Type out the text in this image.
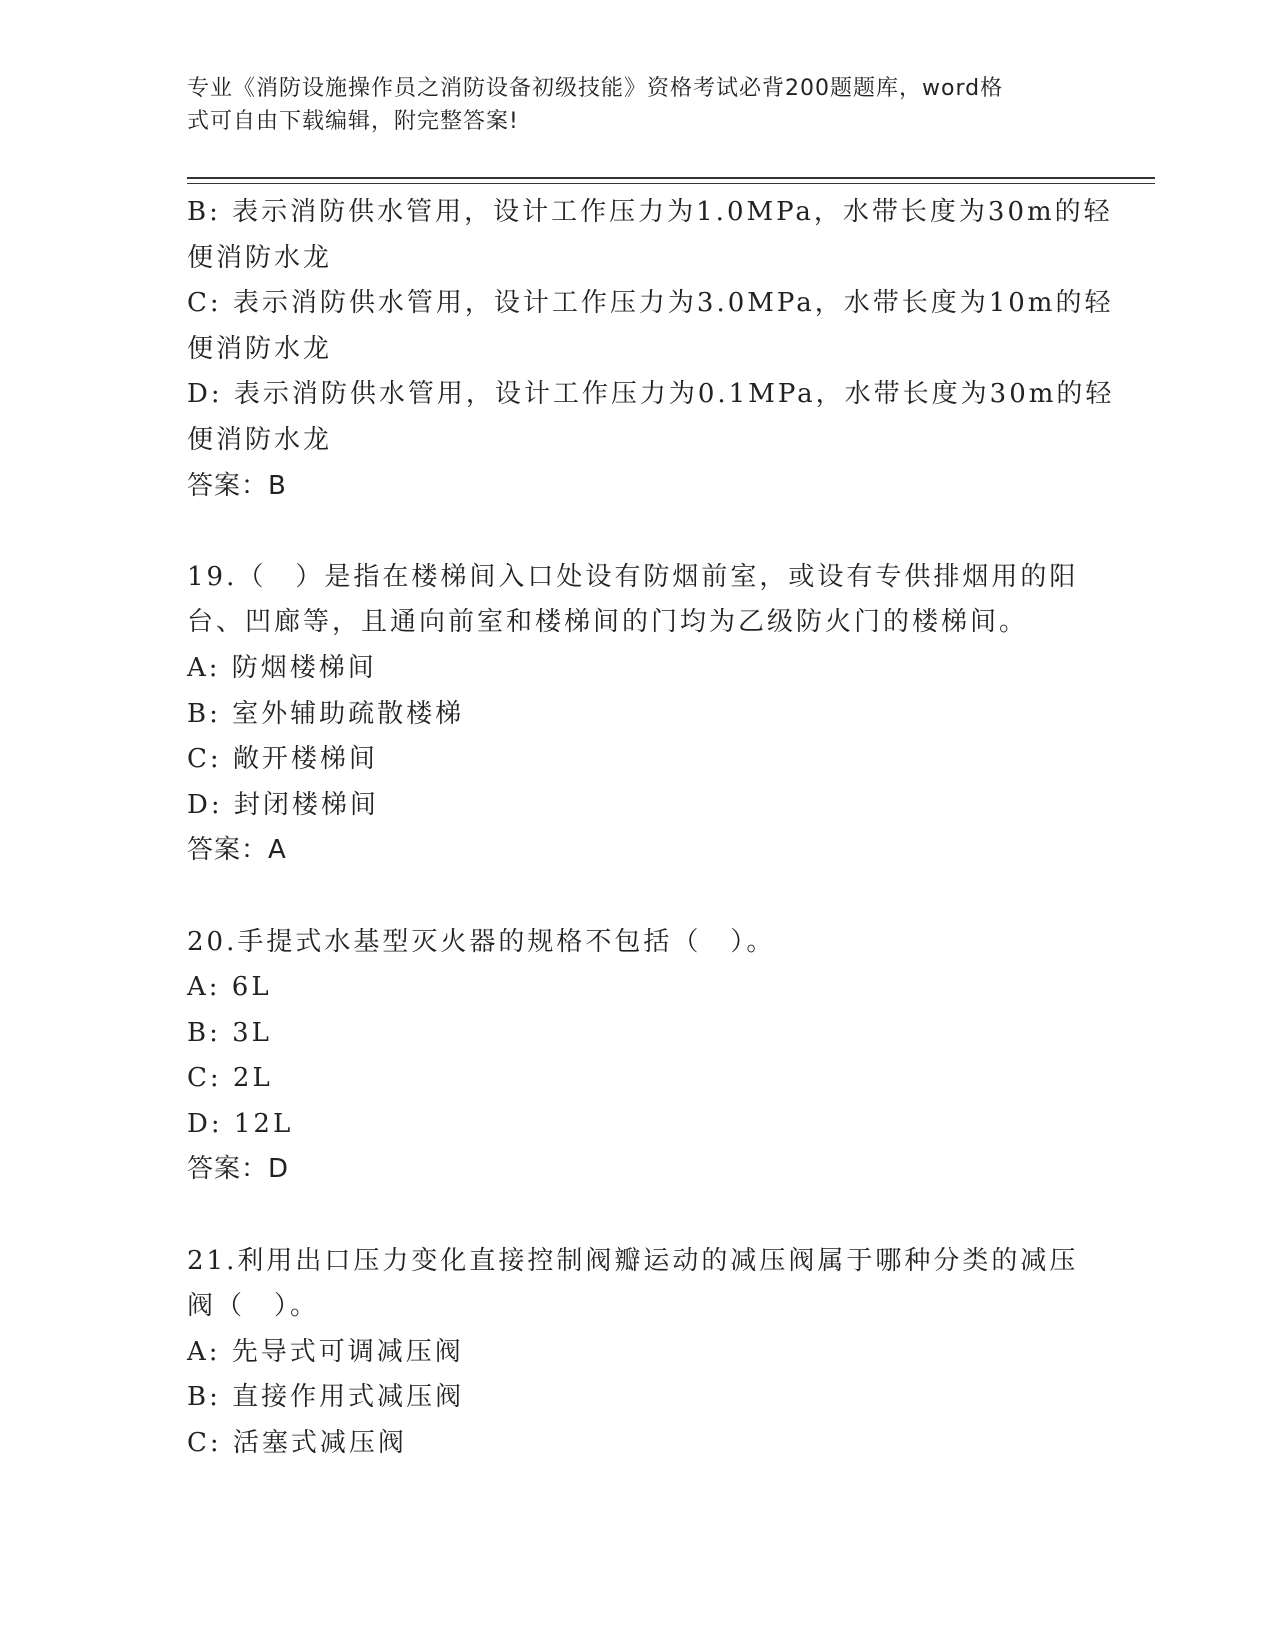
专业《消防设施操作员之消防设备初级技能》资格考试必背200题题库，word格
式可自由下载编辑，附完整答案!
B: 表示消防供水管用，设计工作压力为1.0MPa，水带长度为30m的轻
便消防水龙
C: 表示消防供水管用，设计工作压力为3.0MPa，水带长度为10m的轻
便消防水龙
D: 表示消防供水管用，设计工作压力为0.1MPa，水带长度为30m的轻
便消防水龙
答案：B
19.（　）是指在楼梯间入口处设有防烟前室，或设有专供排烟用的阳
台、凹廊等，且通向前室和楼梯间的门均为乙级防火门的楼梯间。
A: 防烟楼梯间
B: 室外辅助疏散楼梯
C: 敞开楼梯间
D: 封闭楼梯间
答案：A
20.手提式水基型灭火器的规格不包括（　）。
A: 6L
B: 3L
C: 2L
D: 12L
答案：D
21.利用出口压力变化直接控制阀瓣运动的减压阀属于哪种分类的减压
阀（　）。
A: 先导式可调减压阀
B: 直接作用式减压阀
C: 活塞式减压阀
